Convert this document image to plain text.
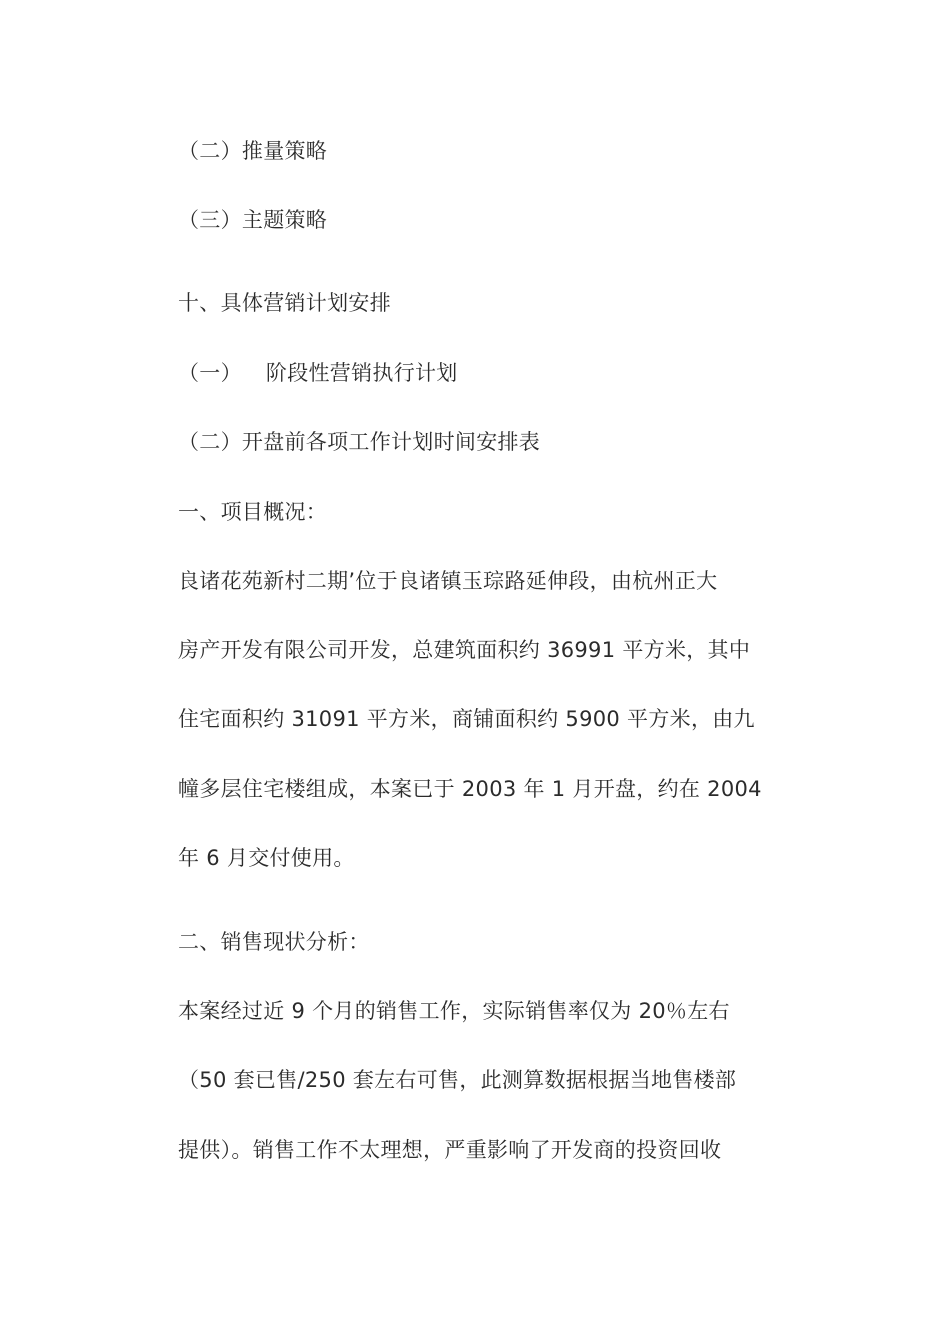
（二）推量策略
（三）主题策略
十、具体营销计划安排
（一） 阶段性营销执行计划
（二）开盘前各项工作计划时间安排表
一、项目概况：
良诸花苑新村二期’位于良诸镇玉琮路延伸段，由杭州正大
房产开发有限公司开发，总建筑面积约 36991 平方米，其中
住宅面积约 31091 平方米，商铺面积约 5900 平方米，由九
幢多层住宅楼组成，本案已于 2003 年 1 月开盘，约在 2004
年 6 月交付使用。
二、销售现状分析：
本案经过近 9 个月的销售工作，实际销售率仅为 20％左右
（50 套已售/250 套左右可售，此测算数据根据当地售楼部
提供）。销售工作不太理想，严重影响了开发商的投资回收
